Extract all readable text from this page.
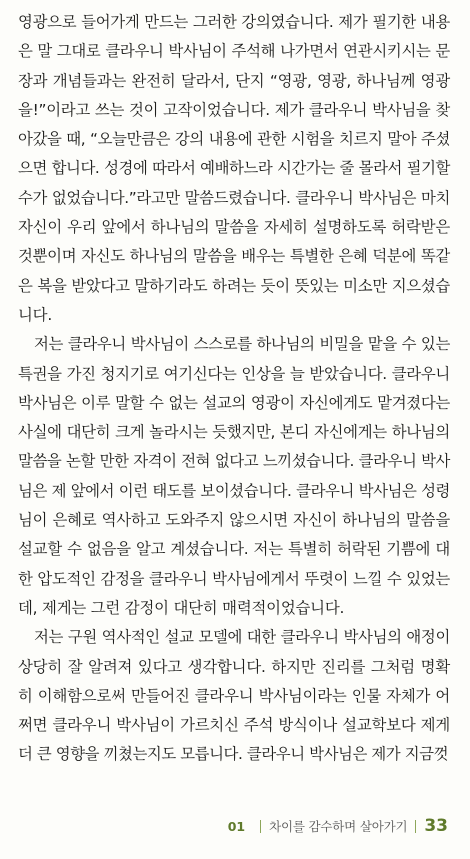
영광으로 들어가게 만드는 그러한 강의였습니다. 제가 필기한 내용
은 말 그대로 클라우니 박사님이 주석해 나가면서 연관시키시는 문
장과 개념들과는 완전히 달라서, 단지 “영광, 영광, 하나님께 영광
을!”이라고 쓰는 것이 고작이었습니다. 제가 클라우니 박사님을 찾
아갔을 때, “오늘만큼은 강의 내용에 관한 시험을 치르지 말아 주셨
으면 합니다. 성경에 따라서 예배하느라 시간가는 줄 몰라서 필기할
수가 없었습니다.”라고만 말씀드렸습니다. 클라우니 박사님은 마치
자신이 우리 앞에서 하나님의 말씀을 자세히 설명하도록 허락받은
것뿐이며 자신도 하나님의 말씀을 배우는 특별한 은혜 덕분에 똑같
은 복을 받았다고 말하기라도 하려는 듯이 뜻있는 미소만 지으셨습
니다.
저는 클라우니 박사님이 스스로를 하나님의 비밀을 맡을 수 있는
특권을 가진 청지기로 여기신다는 인상을 늘 받았습니다. 클라우니
박사님은 이루 말할 수 없는 설교의 영광이 자신에게도 맡겨졌다는
사실에 대단히 크게 놀라시는 듯했지만, 본디 자신에게는 하나님의
말씀을 논할 만한 자격이 전혀 없다고 느끼셨습니다. 클라우니 박사
님은 제 앞에서 이런 태도를 보이셨습니다. 클라우니 박사님은 성령
님이 은혜로 역사하고 도와주지 않으시면 자신이 하나님의 말씀을
설교할 수 없음을 알고 계셨습니다. 저는 특별히 허락된 기쁨에 대
한 압도적인 감정을 클라우니 박사님에게서 뚜렷이 느낄 수 있었는
데, 제게는 그런 감정이 대단히 매력적이었습니다.
저는 구원 역사적인 설교 모델에 대한 클라우니 박사님의 애정이
상당히 잘 알려져 있다고 생각합니다. 하지만 진리를 그처럼 명확
히 이해함으로써 만들어진 클라우니 박사님이라는 인물 자체가 어
쩌면 클라우니 박사님이 가르치신 주석 방식이나 설교학보다 제게
더 큰 영향을 끼쳤는지도 모릅니다. 클라우니 박사님은 제가 지금껏
01 차이를 감수하며 살아가기 33
